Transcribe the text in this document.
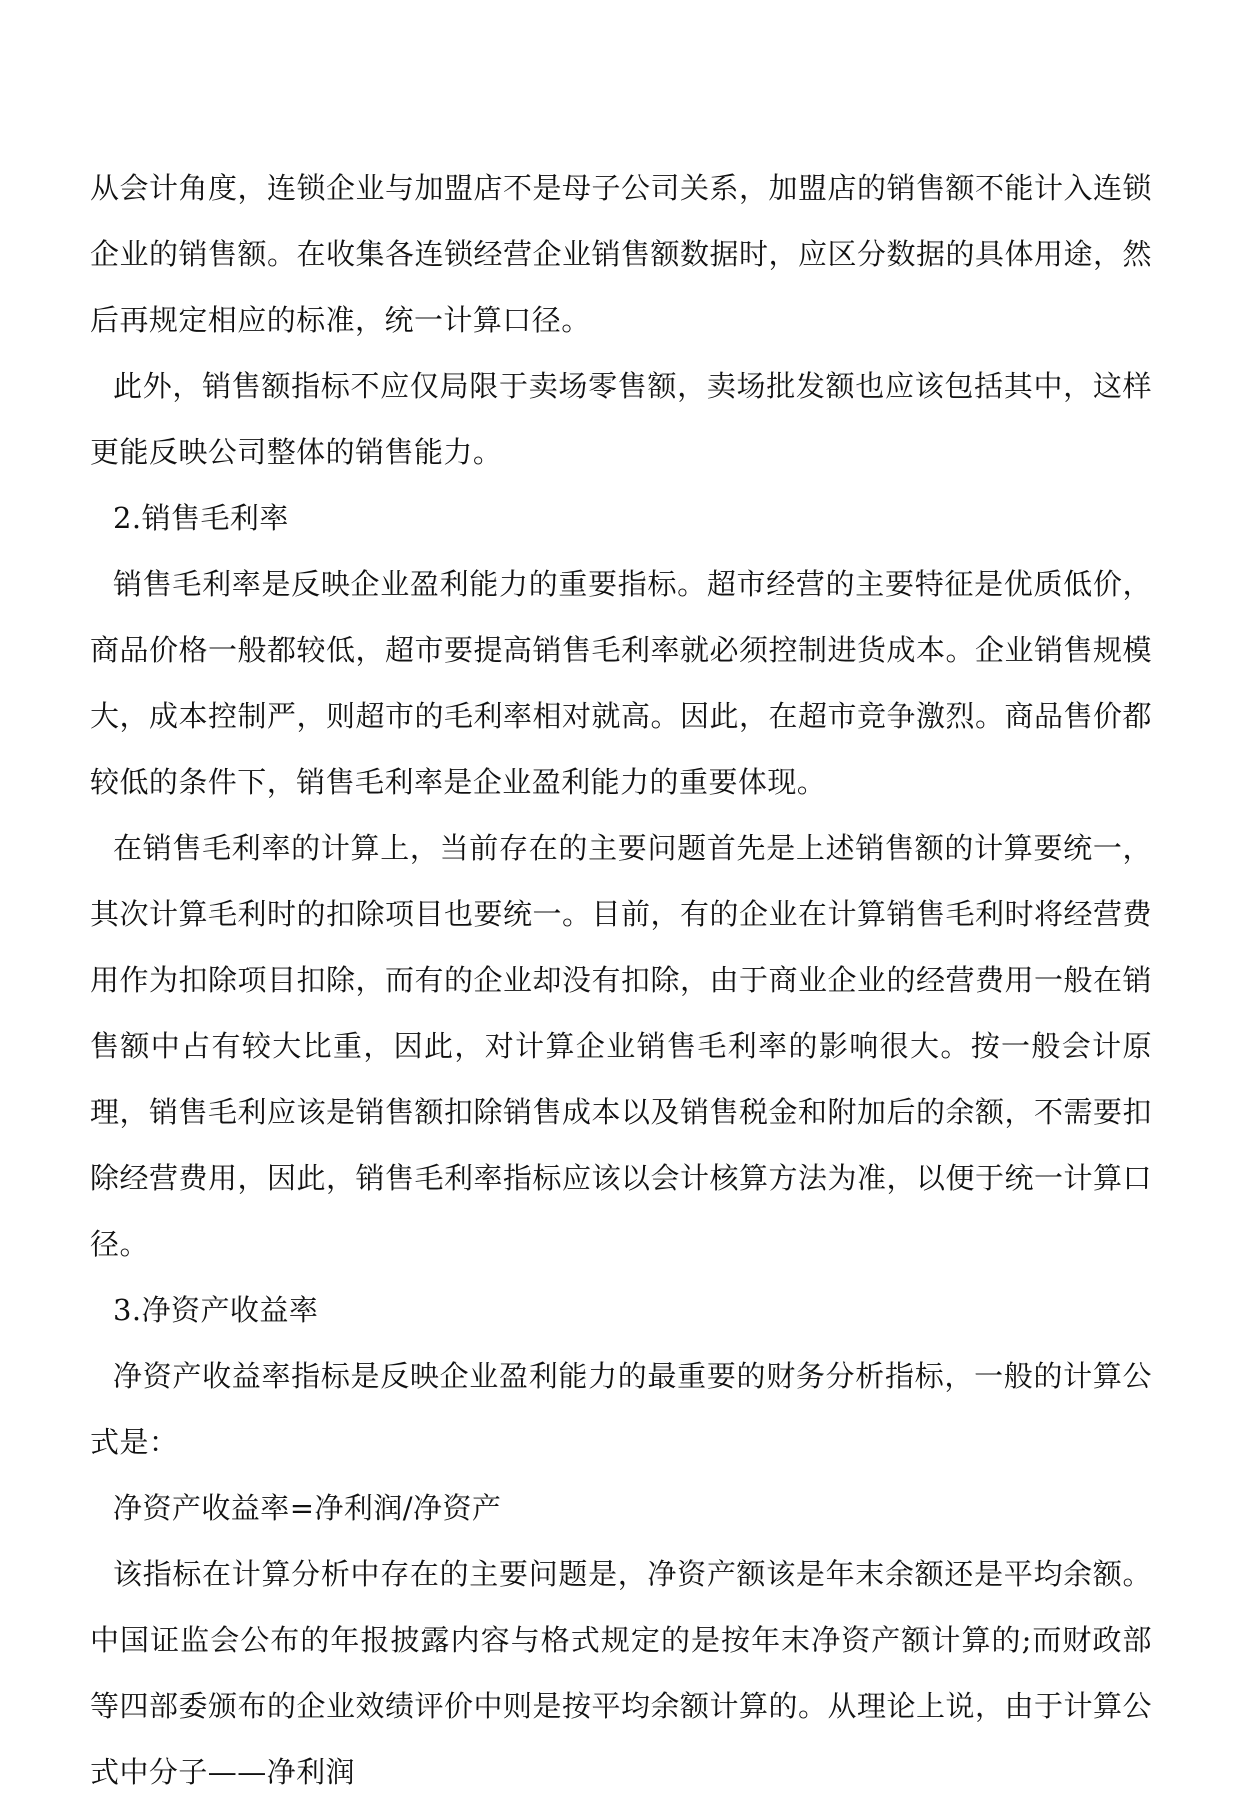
从会计角度，连锁企业与加盟店不是母子公司关系，加盟店的销售额不能计入连锁企业的销售额。在收集各连锁经营企业销售额数据时，应区分数据的具体用途，然后再规定相应的标准，统一计算口径。

此外，销售额指标不应仅局限于卖场零售额，卖场批发额也应该包括其中，这样更能反映公司整体的销售能力。

2.销售毛利率

销售毛利率是反映企业盈利能力的重要指标。超市经营的主要特征是优质低价，商品价格一般都较低，超市要提高销售毛利率就必须控制进货成本。企业销售规模大，成本控制严，则超市的毛利率相对就高。因此，在超市竞争激烈。商品售价都较低的条件下，销售毛利率是企业盈利能力的重要体现。

在销售毛利率的计算上，当前存在的主要问题首先是上述销售额的计算要统一，其次计算毛利时的扣除项目也要统一。目前，有的企业在计算销售毛利时将经营费用作为扣除项目扣除，而有的企业却没有扣除，由于商业企业的经营费用一般在销售额中占有较大比重，因此，对计算企业销售毛利率的影响很大。按一般会计原理，销售毛利应该是销售额扣除销售成本以及销售税金和附加后的余额，不需要扣除经营费用，因此，销售毛利率指标应该以会计核算方法为准，以便于统一计算口径。

3.净资产收益率

净资产收益率指标是反映企业盈利能力的最重要的财务分析指标，一般的计算公式是：

净资产收益率=净利润/净资产

该指标在计算分析中存在的主要问题是，净资产额该是年末余额还是平均余额。中国证监会公布的年报披露内容与格式规定的是按年末净资产额计算的;而财政部等四部委颁布的企业效绩评价中则是按平均余额计算的。从理论上说，由于计算公式中分子——净利润
